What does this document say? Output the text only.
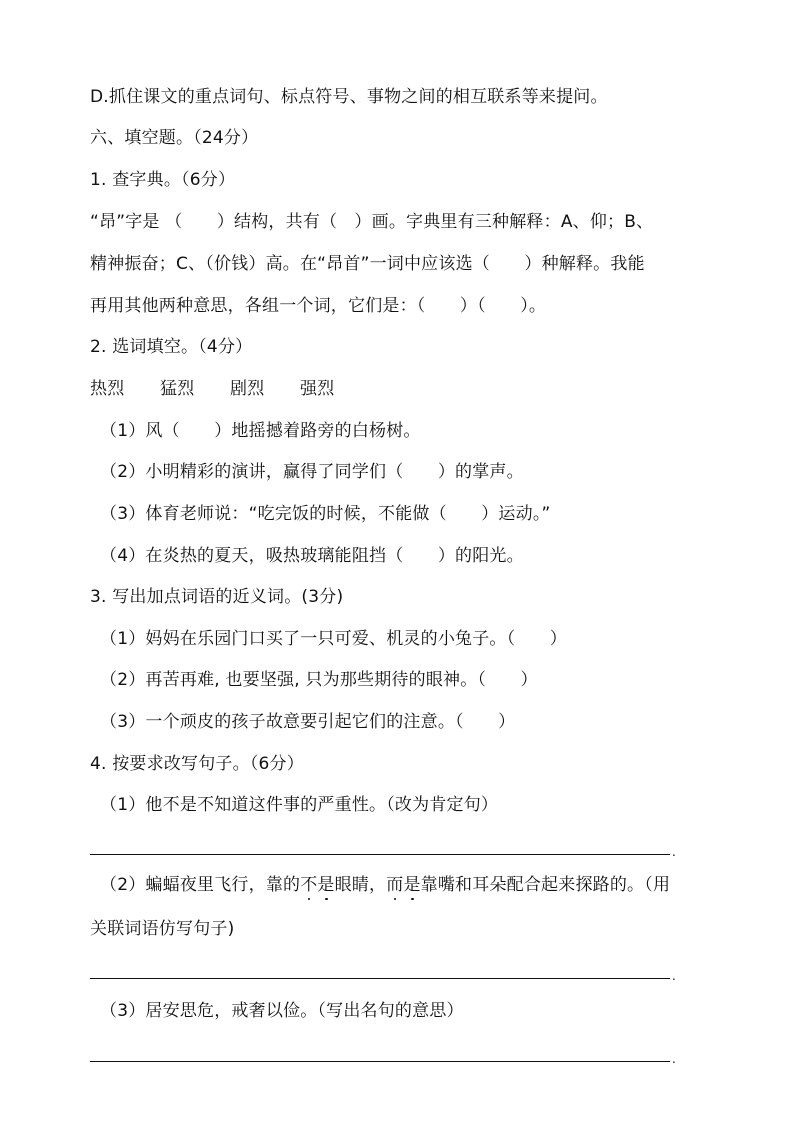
D.抓住课文的重点词句、标点符号、事物之间的相互联系等来提问。
六、填空题。（24分）
1. 查字典。（6分）
“昂”字是 （　　）结构，共有（　）画。字典里有三种解释：A、仰；B、
精神振奋；C、（价钱）高。在“昂首”一词中应该选（　　）种解释。我能
再用其他两种意思，各组一个词，它们是：（　　）（　　）。
2. 选词填空。（4分）
热烈 猛烈 剧烈 强烈
（1）风（　　）地摇撼着路旁的白杨树。
（2）小明精彩的演讲，赢得了同学们（　　）的掌声。
（3）体育老师说：“吃完饭的时候，不能做（　　）运动。”
（4）在炎热的夏天，吸热玻璃能阻挡（　　）的阳光。
3. 写出加点词语的近义词。(3分)
（1）妈妈在乐园门口买了一只可爱、机灵的小兔子。（　　）
（2）再苦再难, 也要坚强, 只为那些期待的眼神。（　　）
（3）一个顽皮的孩子故意要引起它们的注意。（　　）
4. 按要求改写句子。（6分）
（1）他不是不知道这件事的严重性。（改为肯定句）
.
（2）蝙蝠夜里飞行，靠的不是眼睛，而是靠嘴和耳朵配合起来探路的。（用
关联词语仿写句子)
.
（3）居安思危，戒奢以俭。（写出名句的意思）
.
